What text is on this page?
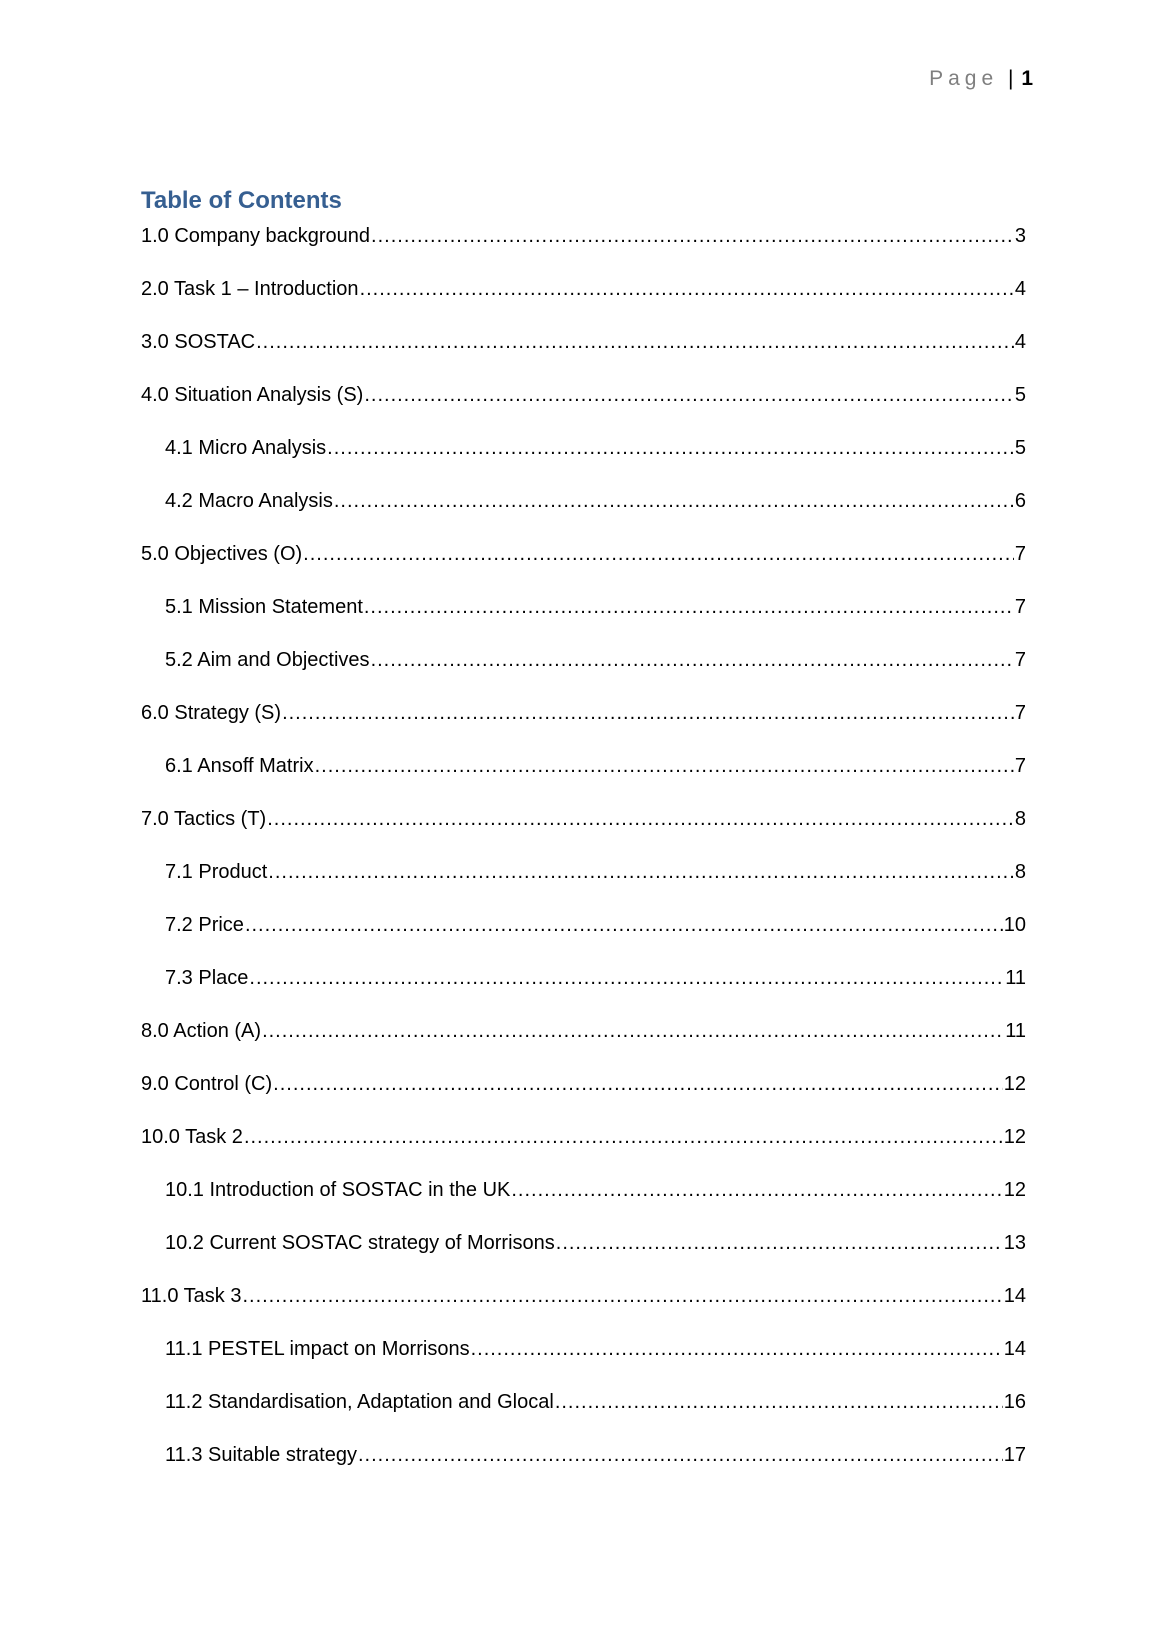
Page | 1
Table of Contents
1.0 Company background .....	3
2.0 Task 1 – Introduction .....	4
3.0 SOSTAC .....	4
4.0 Situation Analysis (S) .....	5
4.1 Micro Analysis .....	5
4.2 Macro Analysis .....	6
5.0 Objectives (O) .....	7
5.1 Mission Statement .....	7
5.2 Aim and Objectives .....	7
6.0 Strategy (S) .....	7
6.1 Ansoff Matrix .....	7
7.0 Tactics (T) .....	8
7.1 Product .....	8
7.2 Price .....	10
7.3 Place .....	11
8.0 Action (A) .....	11
9.0 Control (C) .....	12
10.0 Task 2 .....	12
10.1 Introduction of SOSTAC in the UK .....	12
10.2 Current SOSTAC strategy of Morrisons .....	13
11.0 Task 3 .....	14
11.1 PESTEL impact on Morrisons .....	14
11.2 Standardisation, Adaptation and Glocal .....	16
11.3 Suitable strategy .....	17
